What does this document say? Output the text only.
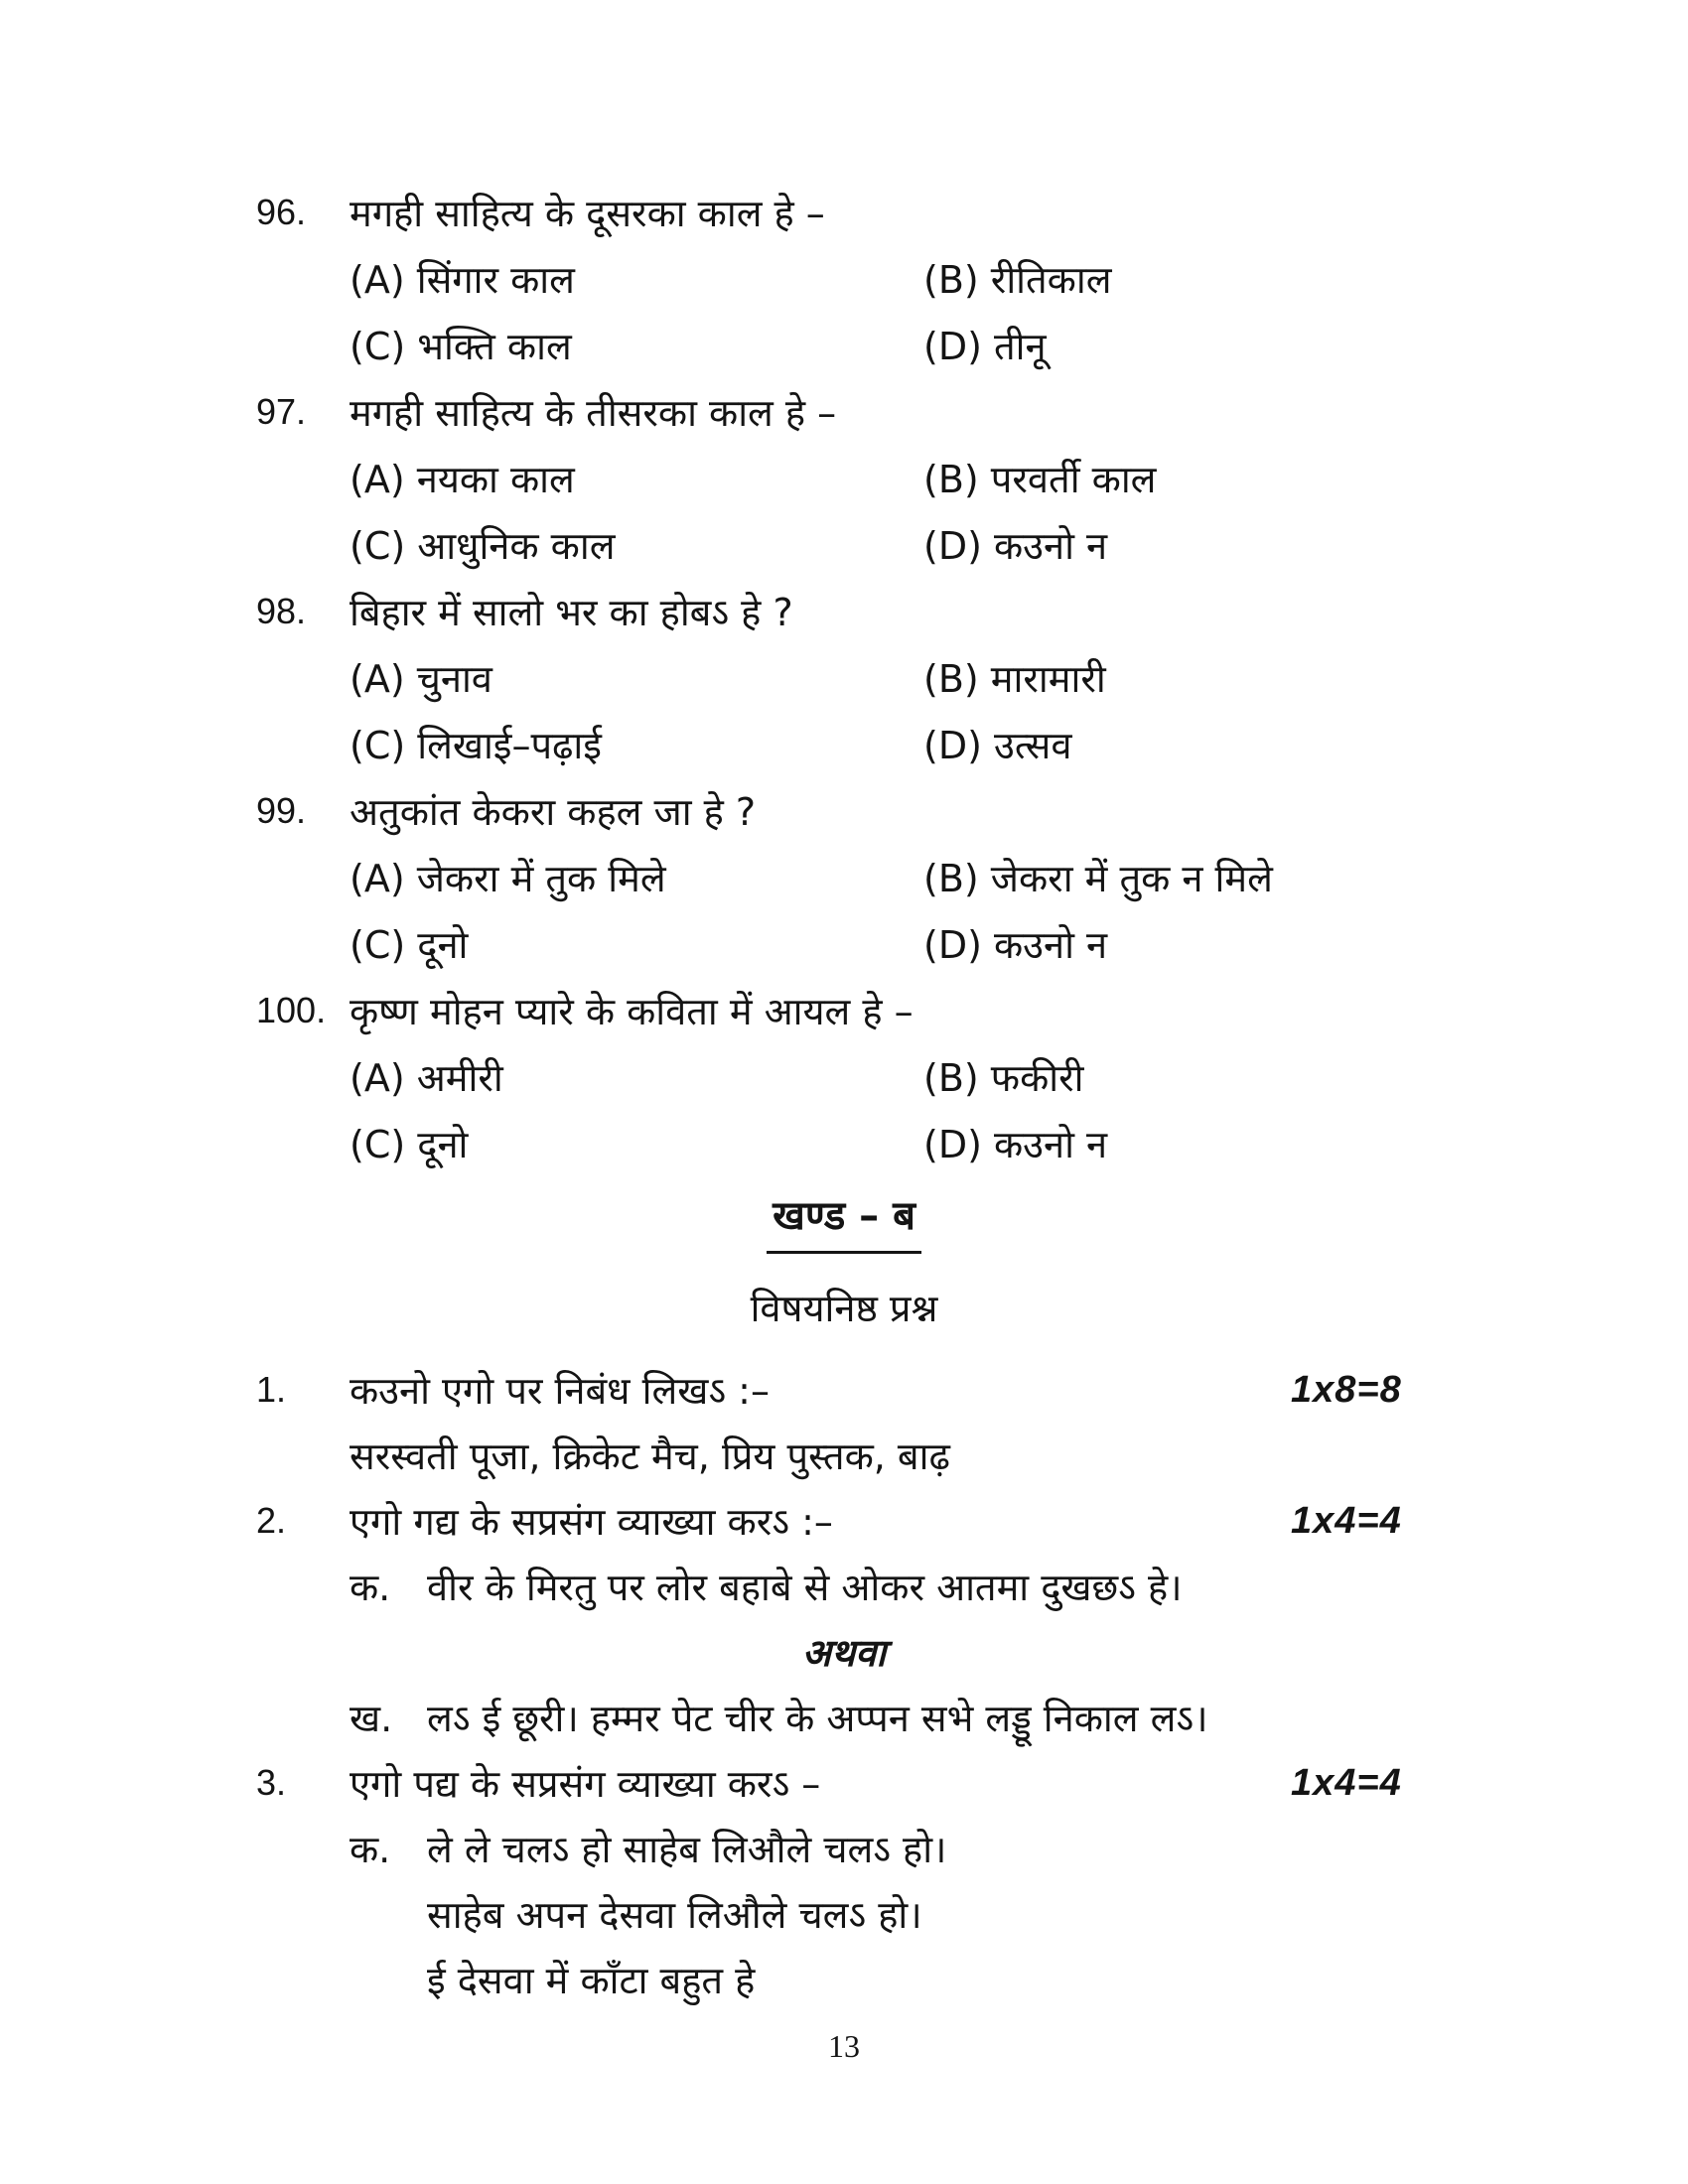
96.	मगही साहित्य के दूसरका काल हे –
(A) सिंगार काल	(B) रीतिकाल
(C) भक्ति काल	(D) तीनू
97.	मगही साहित्य के तीसरका काल हे –
(A) नयका काल	(B) परवर्ती काल
(C) आधुनिक काल	(D) कउनो न
98.	बिहार में सालो भर का होबऽ हे ?
(A) चुनाव	(B) मारामारी
(C) लिखाई–पढ़ाई	(D) उत्सव
99.	अतुकांत केकरा कहल जा हे ?
(A) जेकरा में तुक मिले	(B) जेकरा में तुक न मिले
(C) दूनो	(D) कउनो न
100. कृष्ण मोहन प्यारे के कविता में आयल हे –
(A) अमीरी	(B) फकीरी
(C) दूनो	(D) कउनो न
खण्ड – ब
विषयनिष्ठ प्रश्न
1.	कउनो एगो पर निबंध लिखऽ :–	1x8=8
सरस्वती पूजा, क्रिकेट मैच, प्रिय पुस्तक, बाढ़
2.	एगो गद्य के सप्रसंग व्याख्या करऽ :–	1x4=4
क. वीर के मिरतु पर लोर बहाबे से ओकर आतमा दुखछऽ हे।
अथवा
ख. लऽ ई छूरी। हम्मर पेट चीर के अप्पन सभे लड्डू निकाल लऽ।
3.	एगो पद्य के सप्रसंग व्याख्या करऽ –	1x4=4
क. ले ले चलऽ हो साहेब लिऔले चलऽ हो।
साहेब अपन देसवा लिऔले चलऽ हो।
ई देसवा में काँटा बहुत हे
13
